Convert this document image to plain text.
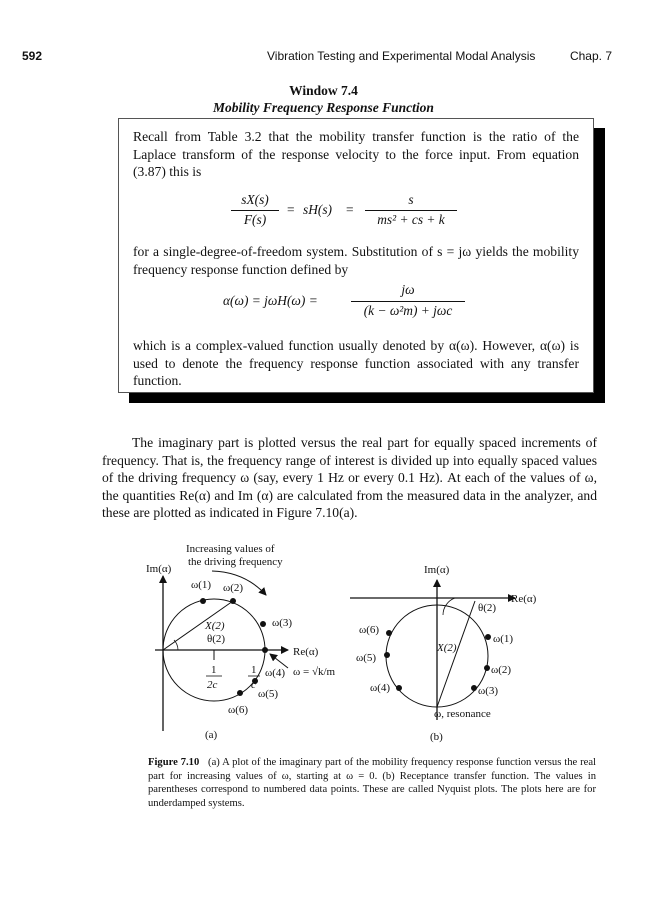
592	Vibration Testing and Experimental Modal Analysis	Chap. 7
Window 7.4
Mobility Frequency Response Function
Recall from Table 3.2 that the mobility transfer function is the ratio of the Laplace transform of the response velocity to the force input. From equation (3.87) this is
sX(s)
F(s)
= sH(s) =
s
ms² + cs + k
for a single-degree-of-freedom system. Substitution of s = jω yields the mobility frequency response function defined by
α(ω) = jωH(ω) =
jω
(k − ω²m) + jωc
which is a complex-valued function usually denoted by α(ω). However, α(ω) is used to denote the frequency response function associated with any transfer function.
The imaginary part is plotted versus the real part for equally spaced increments of frequency. That is, the frequency range of interest is divided up into equally spaced values of the driving frequency ω (say, every 1 Hz or every 0.1 Hz). At each of the values of ω, the quantities Re(α) and Im (α) are calculated from the measured data in the analyzer, and these are plotted as indicated in Figure 7.10(a).
Increasing values of
the driving frequency
Im(α)
Re(α)
ω(1) ω(2)
ω(3)
ω(4)
ω(5)
ω(6)
X(2)
θ(2)
1
2c
1
c
ω = √k/m
(a)
Im(α)
Re(α)
θ(2)
X(2)
ω(1)
ω(2)
ω(3)
ω(4)
ω(5)
ω(6)
ω, resonance
(b)
Figure 7.10 (a) A plot of the imaginary part of the mobility frequency response function versus the real part for increasing values of ω, starting at ω = 0. (b) Receptance transfer function. The values in parentheses correspond to numbered data points. These are called Nyquist plots. The plots here are for underdamped systems.
